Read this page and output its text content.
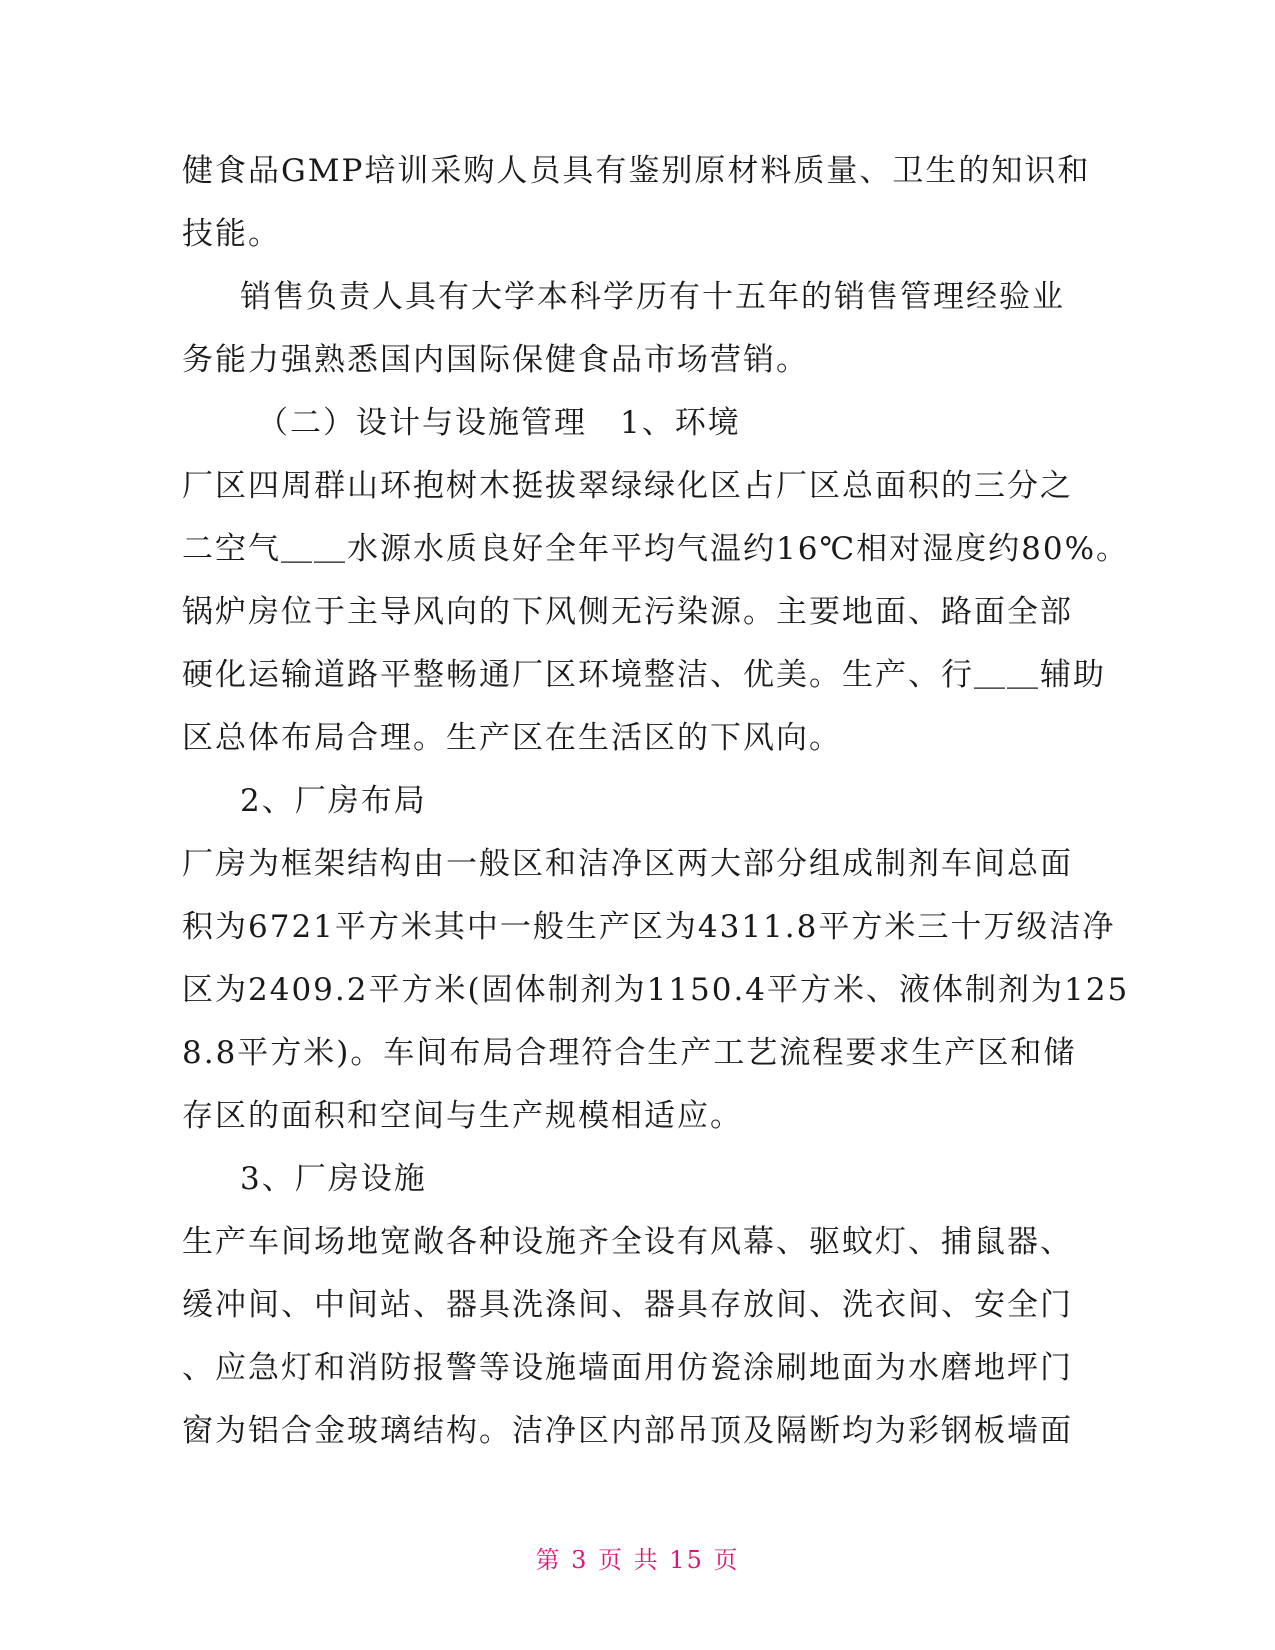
健食品GMP培训采购人员具有鉴别原材料质量、卫生的知识和
技能。
销售负责人具有大学本科学历有十五年的销售管理经验业
务能力强熟悉国内国际保健食品市场营销。
（二）设计与设施管理　1、环境
厂区四周群山环抱树木挺拔翠绿绿化区占厂区总面积的三分之
二空气＿＿水源水质良好全年平均气温约16℃相对湿度约80%。
锅炉房位于主导风向的下风侧无污染源。主要地面、路面全部
硬化运输道路平整畅通厂区环境整洁、优美。生产、行＿＿辅助
区总体布局合理。生产区在生活区的下风向。
2、厂房布局
厂房为框架结构由一般区和洁净区两大部分组成制剂车间总面
积为6721平方米其中一般生产区为4311.8平方米三十万级洁净
区为2409.2平方米(固体制剂为1150.4平方米、液体制剂为125
8.8平方米)。车间布局合理符合生产工艺流程要求生产区和储
存区的面积和空间与生产规模相适应。
3、厂房设施
生产车间场地宽敞各种设施齐全设有风幕、驱蚊灯、捕鼠器、
缓冲间、中间站、器具洗涤间、器具存放间、洗衣间、安全门
、应急灯和消防报警等设施墙面用仿瓷涂刷地面为水磨地坪门
窗为铝合金玻璃结构。洁净区内部吊顶及隔断均为彩钢板墙面
第 3 页 共 15 页
